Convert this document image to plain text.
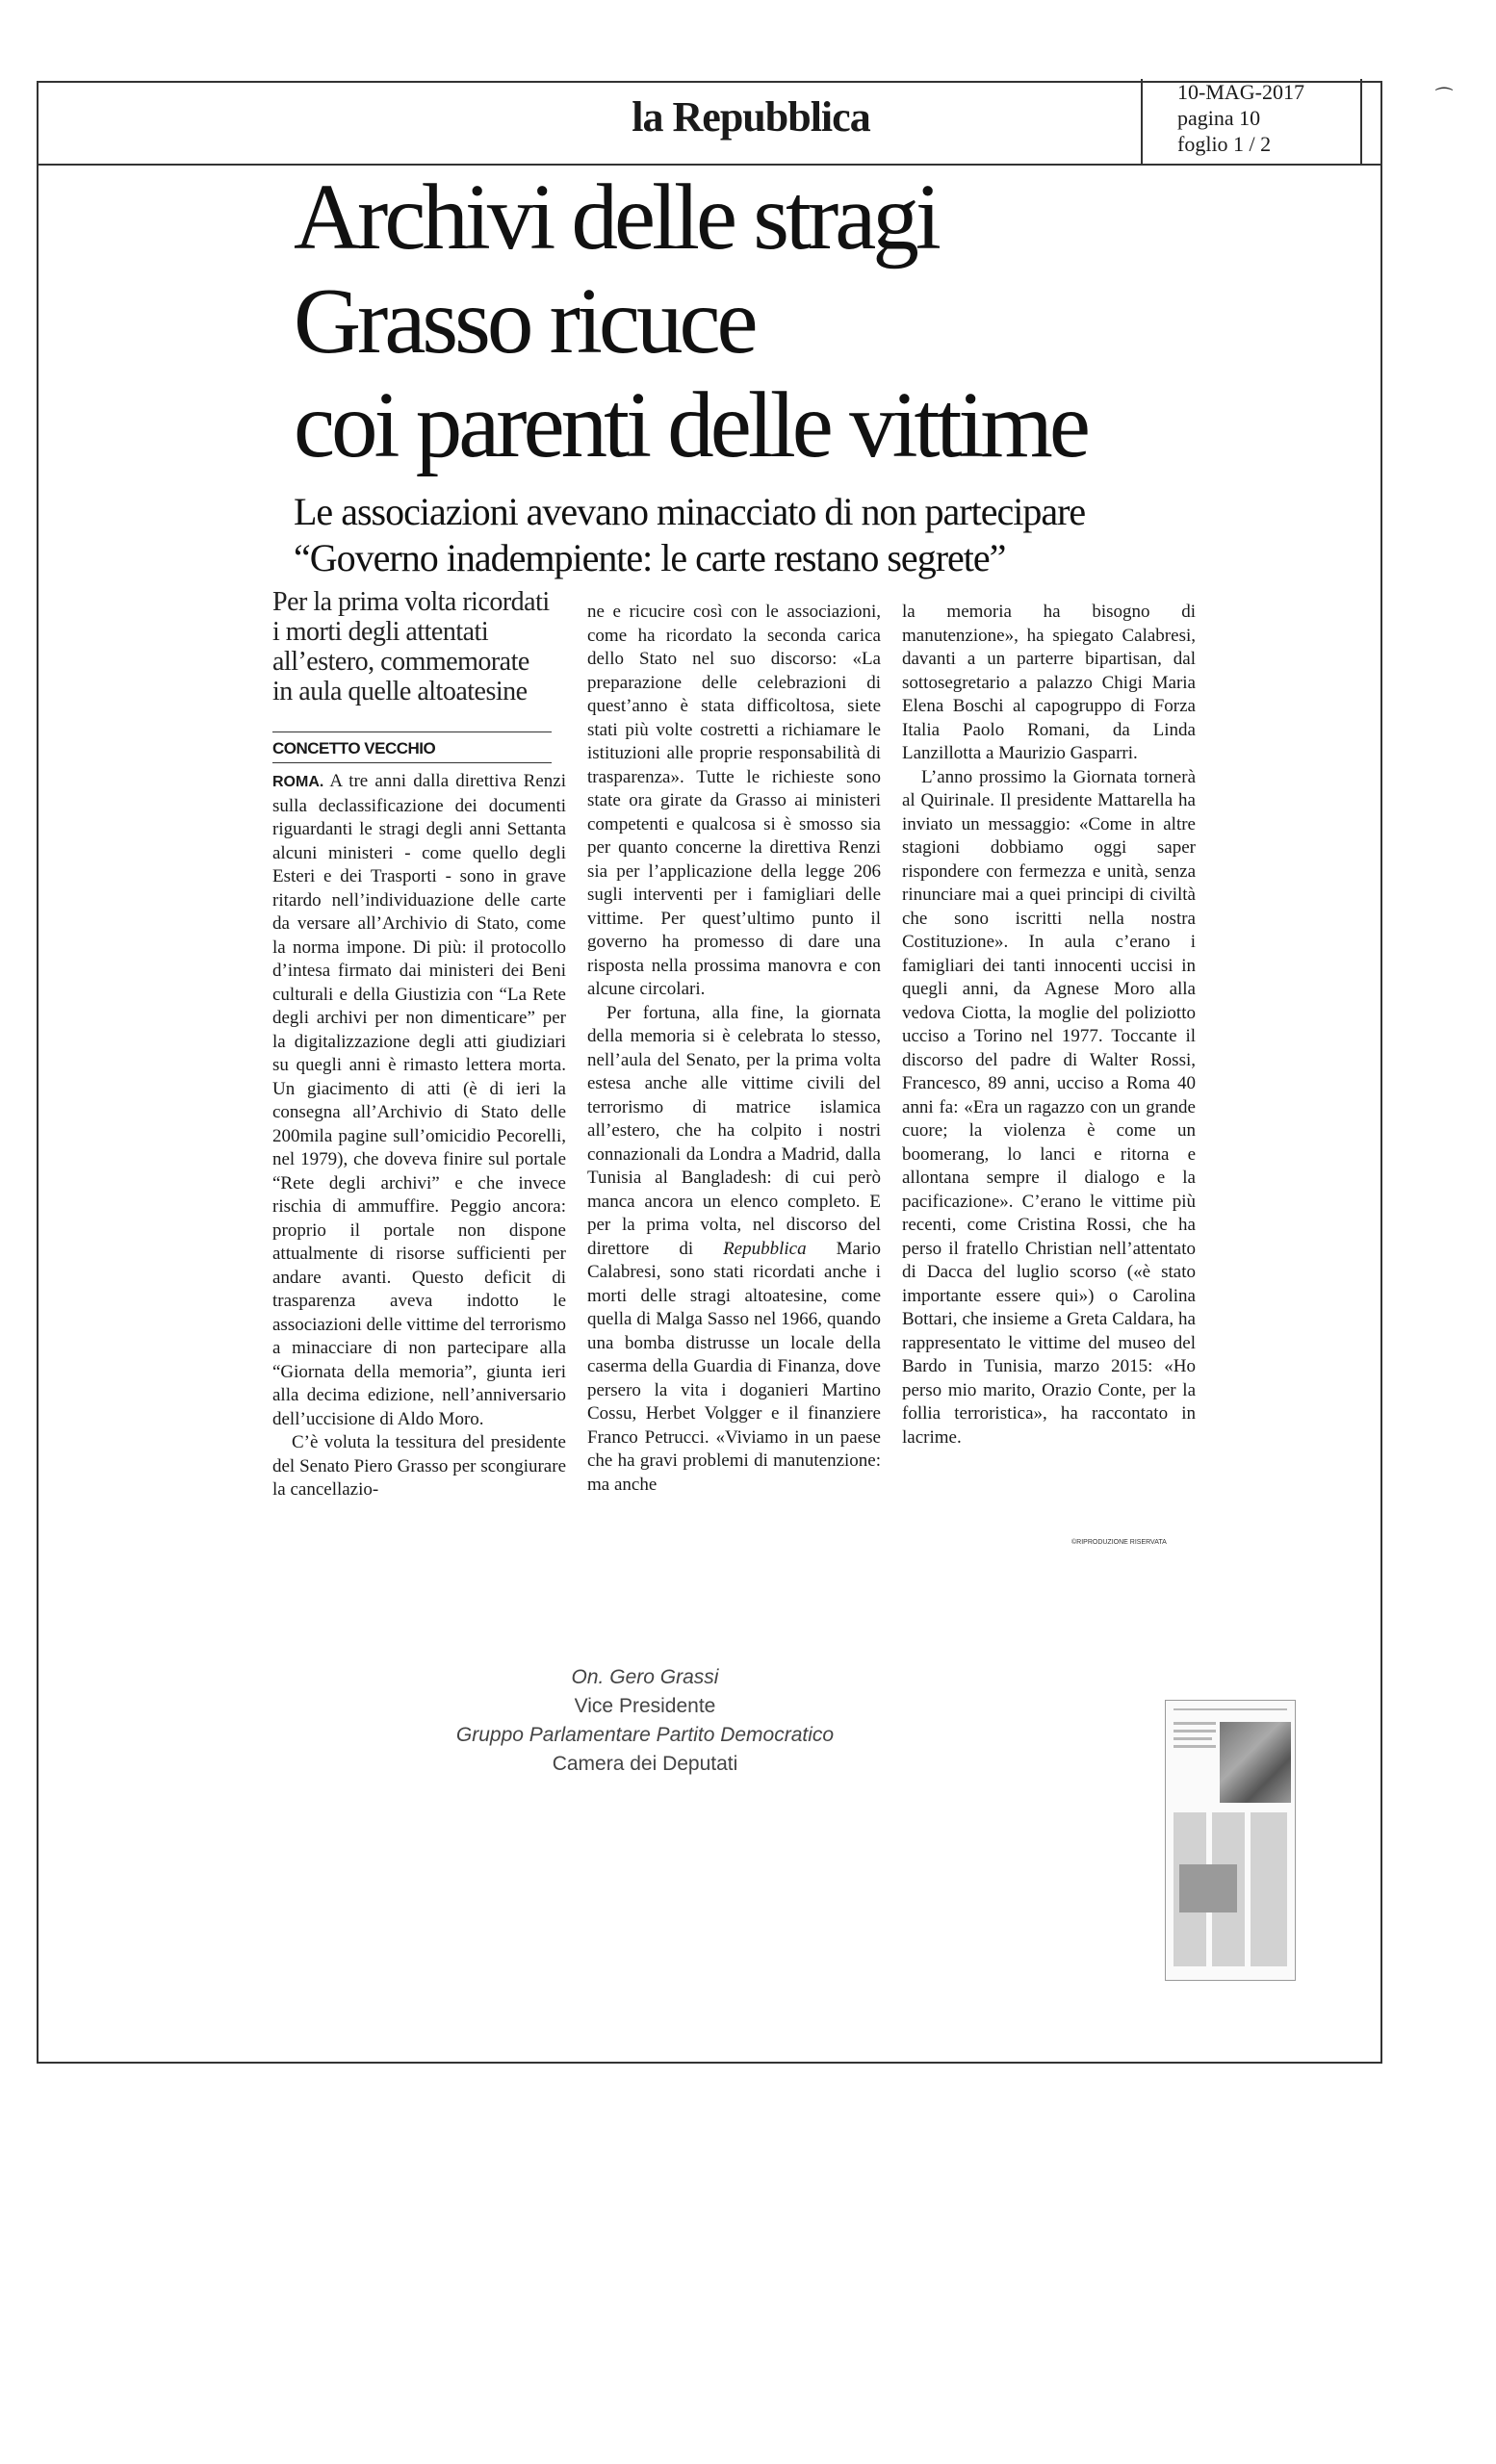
la Repubblica
10-MAG-2017
pagina 10
foglio 1 / 2
⁀
Archivi delle stragi
Grasso ricuce
coi parenti delle vittime
Le associazioni avevano minacciato di non partecipare
“Governo inadempiente: le carte restano segrete”
Per la prima volta ricordati
i morti degli attentati
all’estero, commemorate
in aula quelle altoatesine
CONCETTO VECCHIO

ROMA. A tre anni dalla direttiva Renzi sulla declassificazione dei documenti riguardanti le stragi degli anni Settanta alcuni ministeri - come quello degli Esteri e dei Trasporti - sono in grave ritardo nell’individuazione delle carte da versare all’Archivio di Stato, come la norma impone. Di più: il protocollo d’intesa firmato dai ministeri dei Beni culturali e della Giustizia con “La Rete degli archivi per non dimenticare” per la digitalizzazione degli atti giudiziari su quegli anni è rimasto lettera morta. Un giacimento di atti (è di ieri la consegna all’Archivio di Stato delle 200mila pagine sull’omicidio Pecorelli, nel 1979), che doveva finire sul portale “Rete degli archivi” e che invece rischia di ammuffire. Peggio ancora: proprio il portale non dispone attualmente di risorse sufficienti per andare avanti. Questo deficit di trasparenza aveva indotto le associazioni delle vittime del terrorismo a minacciare di non partecipare alla “Giornata della memoria”, giunta ieri alla decima edizione, nell’anniversario dell’uccisione di Aldo Moro.

C’è voluta la tessitura del presidente del Senato Piero Grasso per scongiurare la cancellazio-

ne e ricucire così con le associazioni, come ha ricordato la seconda carica dello Stato nel suo discorso: «La preparazione delle celebrazioni di quest’anno è stata difficoltosa, siete stati più volte costretti a richiamare le istituzioni alle proprie responsabilità di trasparenza». Tutte le richieste sono state ora girate da Grasso ai ministeri competenti e qualcosa si è smosso sia per quanto concerne la direttiva Renzi sia per l’applicazione della legge 206 sugli interventi per i famigliari delle vittime. Per quest’ultimo punto il governo ha promesso di dare una risposta nella prossima manovra e con alcune circolari.

Per fortuna, alla fine, la giornata della memoria si è celebrata lo stesso, nell’aula del Senato, per la prima volta estesa anche alle vittime civili del terrorismo di matrice islamica all’estero, che ha colpito i nostri connazionali da Londra a Madrid, dalla Tunisia al Bangladesh: di cui però manca ancora un elenco completo. E per la prima volta, nel discorso del direttore di Repubblica Mario Calabresi, sono stati ricordati anche i morti delle stragi altoatesine, come quella di Malga Sasso nel 1966, quando una bomba distrusse un locale della caserma della Guardia di Finanza, dove persero la vita i doganieri Martino Cossu, Herbet Volgger e il finanziere Franco Petrucci. «Viviamo in un paese che ha gravi problemi di manutenzione: ma anche

la memoria ha bisogno di manutenzione», ha spiegato Calabresi, davanti a un parterre bipartisan, dal sottosegretario a palazzo Chigi Maria Elena Boschi al capogruppo di Forza Italia Paolo Romani, da Linda Lanzillotta a Maurizio Gasparri.

L’anno prossimo la Giornata tornerà al Quirinale. Il presidente Mattarella ha inviato un messaggio: «Come in altre stagioni dobbiamo oggi saper rispondere con fermezza e unità, senza rinunciare mai a quei principi di civiltà che sono iscritti nella nostra Costituzione». In aula c’erano i famigliari dei tanti innocenti uccisi in quegli anni, da Agnese Moro alla vedova Ciotta, la moglie del poliziotto ucciso a Torino nel 1977. Toccante il discorso del padre di Walter Rossi, Francesco, 89 anni, ucciso a Roma 40 anni fa: «Era un ragazzo con un grande cuore; la violenza è come un boomerang, lo lanci e ritorna e allontana sempre il dialogo e la pacificazione». C’erano le vittime più recenti, come Cristina Rossi, che ha perso il fratello Christian nell’attentato di Dacca del luglio scorso («è stato importante essere qui») o Carolina Bottari, che insieme a Greta Caldara, ha rappresentato le vittime del museo del Bardo in Tunisia, marzo 2015: «Ho perso mio marito, Orazio Conte, per la follia terroristica», ha raccontato in lacrime.

©RIPRODUZIONE RISERVATA
On. Gero Grassi
Vice Presidente
Gruppo Parlamentare Partito Democratico
Camera dei Deputati
